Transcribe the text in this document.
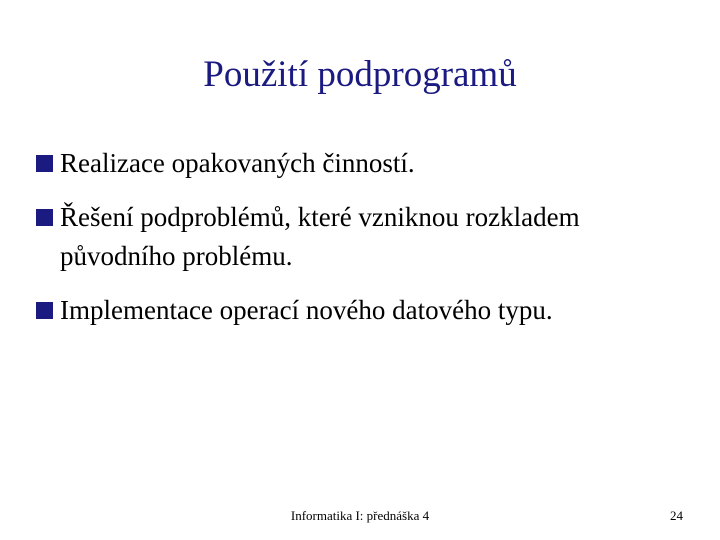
Použití podprogramů
Realizace opakovaných činností.
Řešení podproblémů, které vzniknou rozkladem původního problému.
Implementace operací nového datového typu.
Informatika I: přednáška 4	24
